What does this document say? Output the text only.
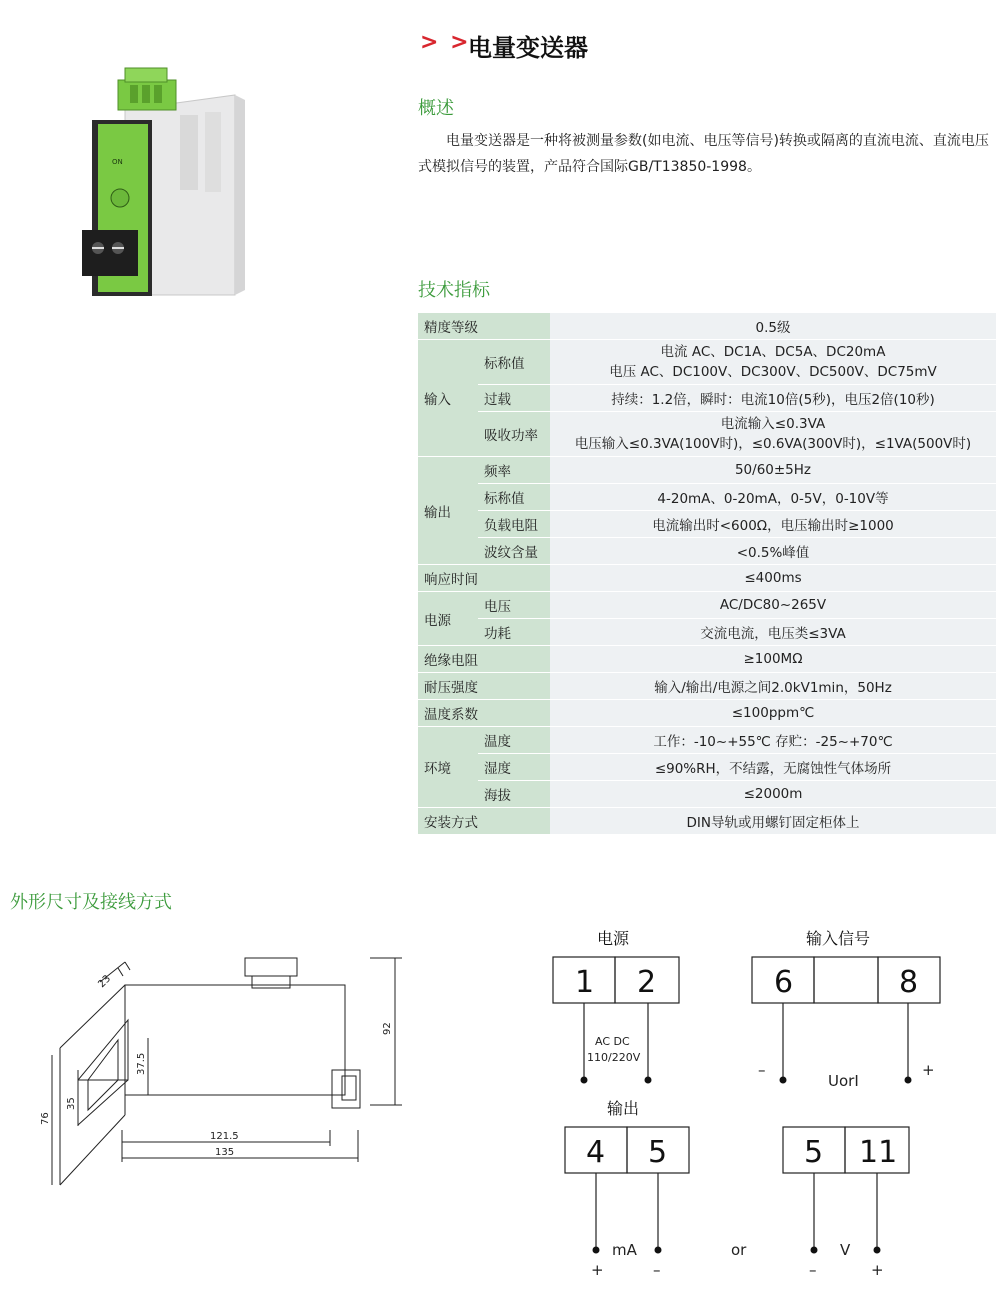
> >
电量变送器
ON
概述
电量变送器是一种将被测量参数(如电流、电压等信号)转换或隔离的直流电流、直流电压式模拟信号的装置，产品符合国际GB/T13850-1998。
技术指标
精度等级		0.5级
输入	标称值	电流 AC、DC1A、DC5A、DC20mA
电压 AC、DC100V、DC300V、DC500V、DC75mV

	过载	持续：1.2倍，瞬时：电流10倍(5秒)，电压2倍(10秒)
	吸收功率	电流输入≤0.3VA
电压输入≤0.3VA(100V时)，≤0.6VA(300V时)，≤1VA(500V时)

输出	频率	50/60±5Hz
	标称值	4-20mA、0-20mA，0-5V，0-10V等
	负载电阻	电流输出时<600Ω，电压输出时≥1000
	波纹含量	<0.5%峰值
响应时间		≤400ms
电源	电压	AC/DC80~265V
	功耗	交流电流，电压类≤3VA
绝缘电阻		≥100MΩ
耐压强度		输入/输出/电源之间2.0kV1min，50Hz
温度系数		≤100ppm℃
环境	温度	工作：-10~+55℃ 存贮：-25~+70℃
	湿度	≤90%RH，不结露，无腐蚀性气体场所
	海拔	≤2000m
安装方式		DIN导轨或用螺钉固定柜体上
外形尺寸及接线方式
23
92
37.5
35
76
121.5
135
电源	输入信号
输出
1 2	6	8
4 5	5 11
AC DC
110/220V
–	+
UorI
mA
+	–
or	V
–	+
